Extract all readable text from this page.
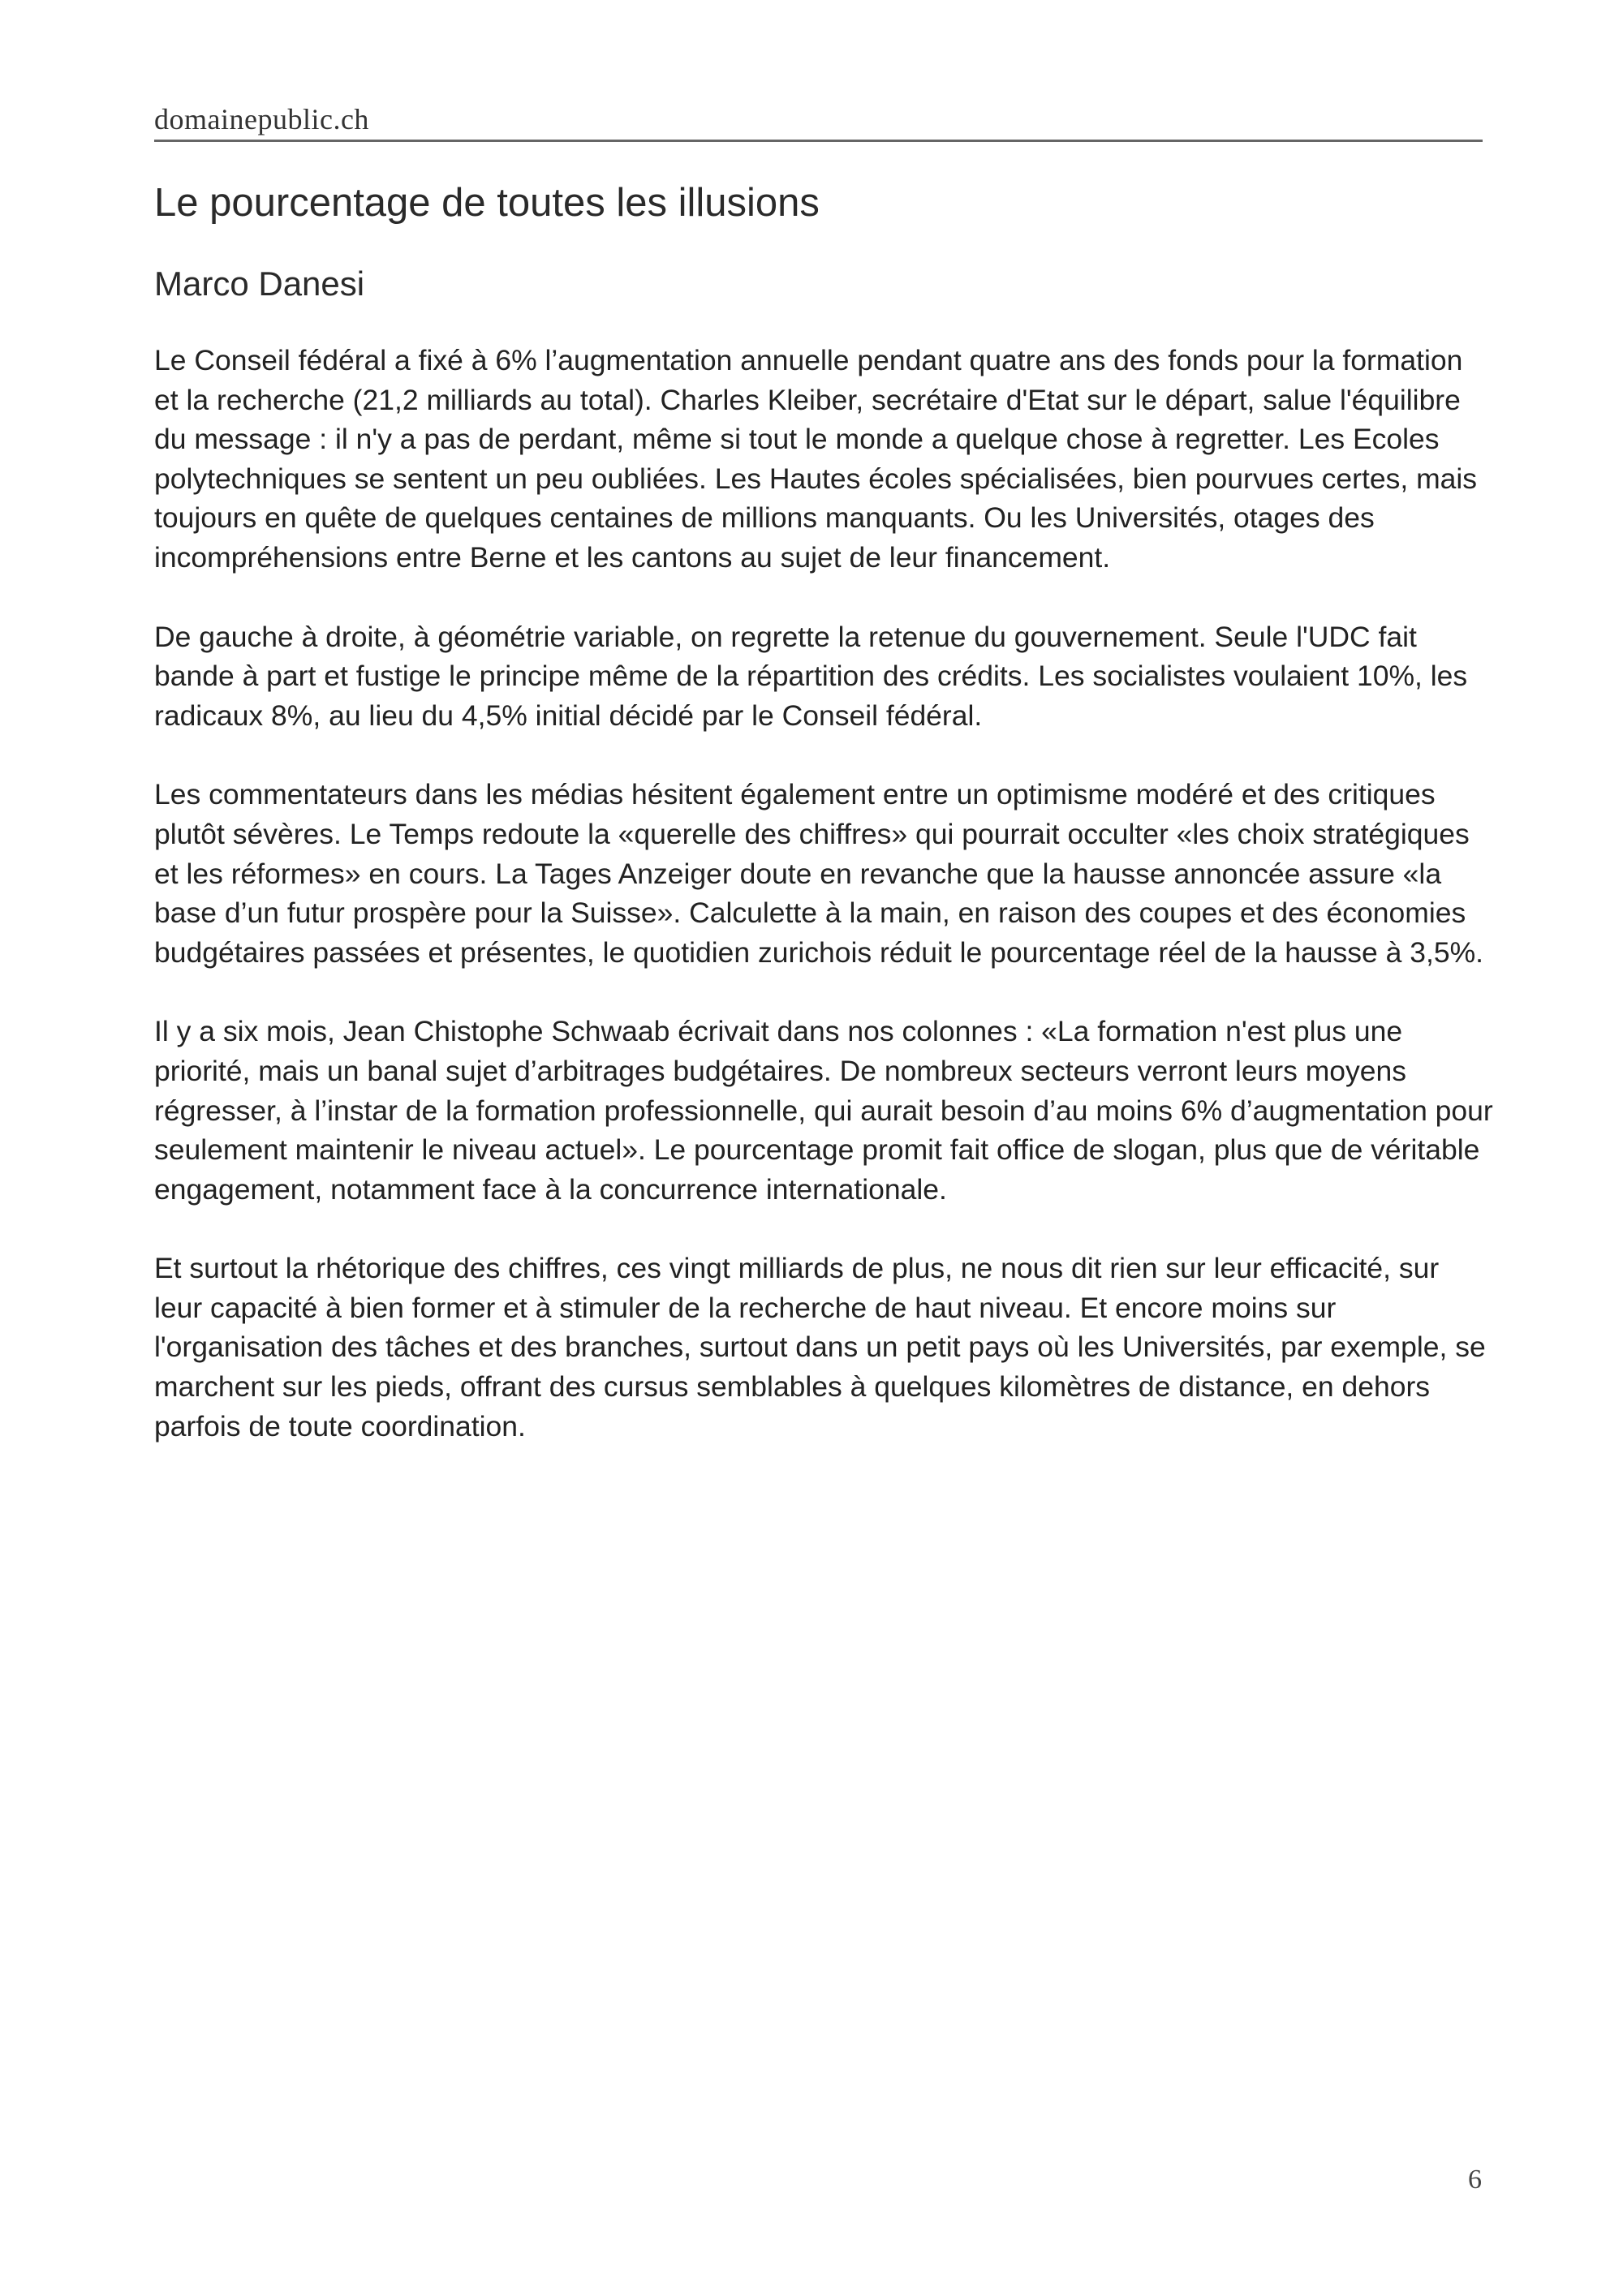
domainepublic.ch
Le pourcentage de toutes les illusions
Marco Danesi

Le Conseil fédéral a fixé à 6% l’augmentation annuelle pendant quatre ans des fonds pour la formation et la recherche (21,2 milliards au total). Charles Kleiber, secrétaire d'Etat sur le départ, salue l'équilibre du message : il n'y a pas de perdant, même si tout le monde a quelque chose à regretter. Les Ecoles polytechniques se sentent un peu oubliées. Les Hautes écoles spécialisées, bien pourvues certes, mais toujours en quête de quelques centaines de millions manquants. Ou les Universités, otages des incompréhensions entre Berne et les cantons au sujet de leur financement.

De gauche à droite, à géométrie variable, on regrette la retenue du gouvernement. Seule l'UDC fait bande à part et fustige le principe même de la répartition des crédits. Les socialistes voulaient 10%, les radicaux 8%, au lieu du 4,5% initial décidé par le Conseil fédéral.

Les commentateurs dans les médias hésitent également entre un optimisme modéré et des critiques plutôt sévères. Le Temps redoute la «querelle des chiffres» qui pourrait occulter «les choix stratégiques et les réformes» en cours. La Tages Anzeiger doute en revanche que la hausse annoncée assure «la base d’un futur prospère pour la Suisse». Calculette à la main, en raison des coupes et des économies budgétaires passées et présentes, le quotidien zurichois réduit le pourcentage réel de la hausse à 3,5%.

Il y a six mois, Jean Chistophe Schwaab écrivait dans nos colonnes : «La formation n'est plus une priorité, mais un banal sujet d’arbitrages budgétaires. De nombreux secteurs verront leurs moyens régresser, à l’instar de la formation professionnelle, qui aurait besoin d’au moins 6% d’augmentation pour seulement maintenir le niveau actuel». Le pourcentage promit fait office de slogan, plus que de véritable engagement, notamment face à la concurrence internationale.

Et surtout la rhétorique des chiffres, ces vingt milliards de plus, ne nous dit rien sur leur efficacité, sur leur capacité à bien former et à stimuler de la recherche de haut niveau. Et encore moins sur l'organisation des tâches et des branches, surtout dans un petit pays où les Universités, par exemple, se marchent sur les pieds, offrant des cursus semblables à quelques kilomètres de distance, en dehors parfois de toute coordination.

6
